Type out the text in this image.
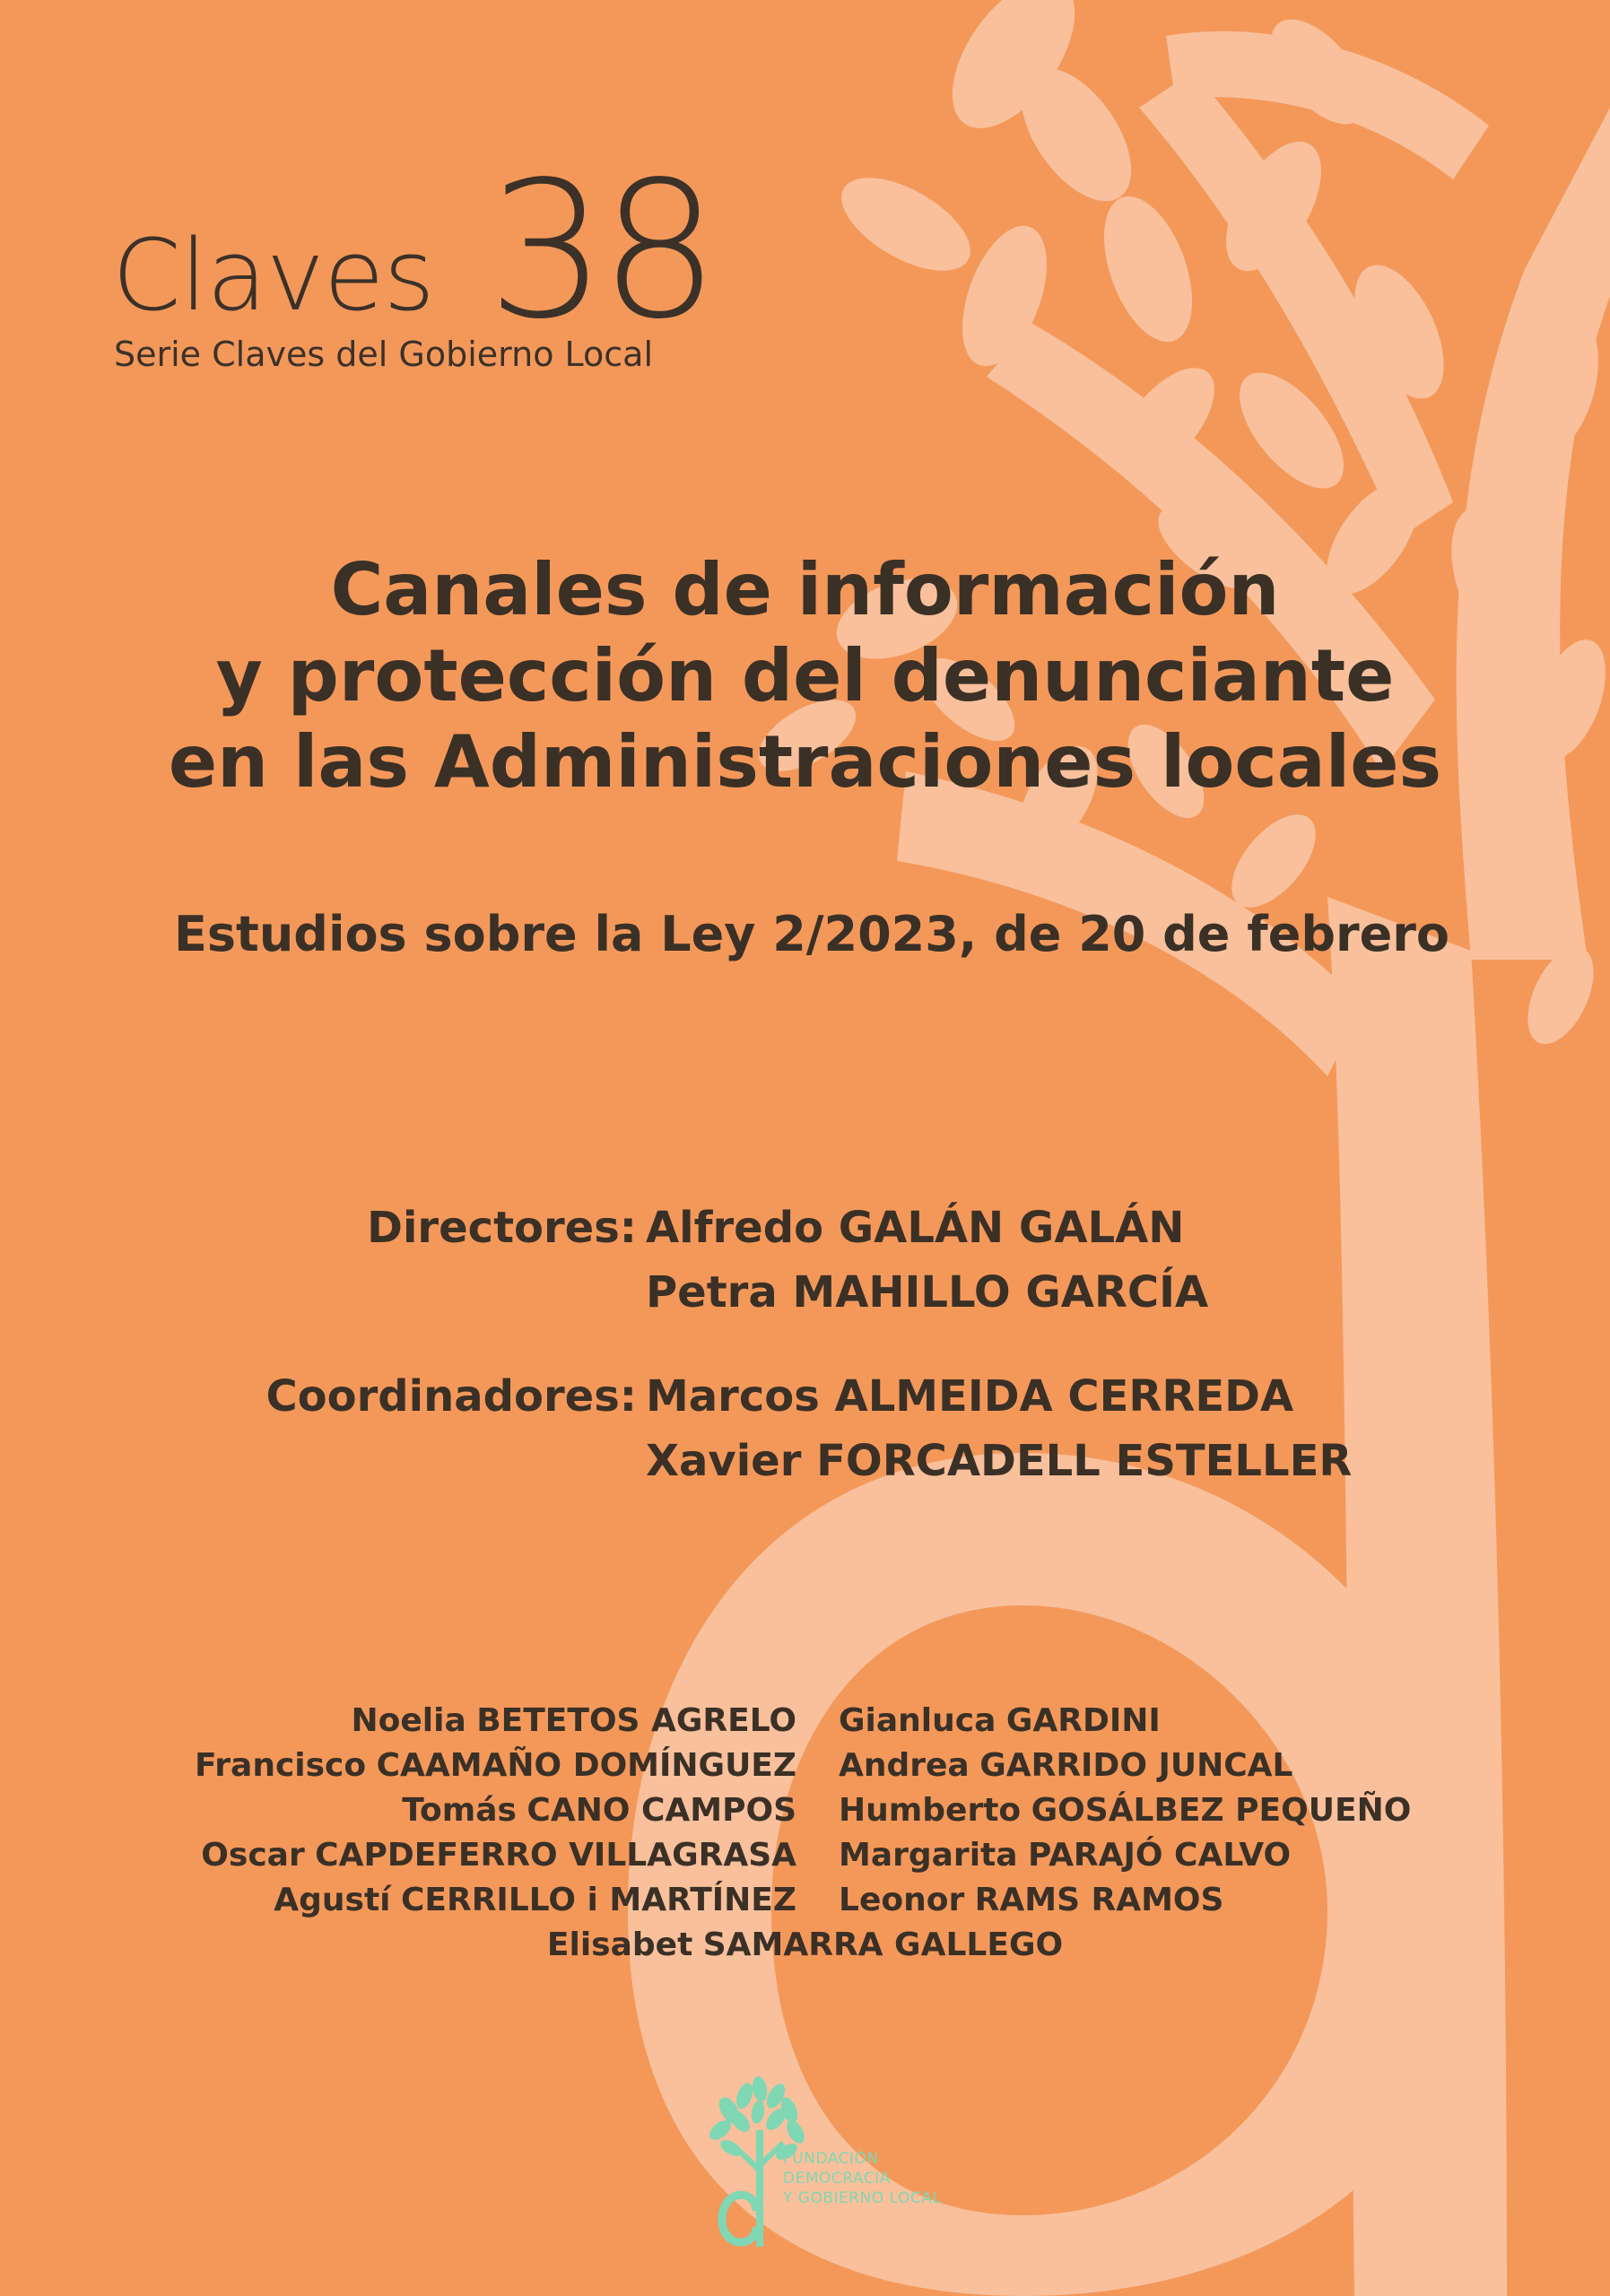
Claves 38
Serie Claves del Gobierno Local
Canales de información
y protección del denunciante
en las Administraciones locales
Estudios sobre la Ley 2/2023, de 20 de febrero
Directores: Alfredo GALÁN GALÁN
Petra MAHILLO GARCÍA
Coordinadores: Marcos ALMEIDA CERREDA
Xavier FORCADELL ESTELLER
Noelia BETETOS AGRELO Gianluca GARDINI
Francisco CAAMAÑO DOMÍNGUEZ Andrea GARRIDO JUNCAL
Tomás CANO CAMPOS Humberto GOSÁLBEZ PEQUEÑO
Oscar CAPDEFERRO VILLAGRASA Margarita PARAJÓ CALVO
Agustí CERRILLO i MARTÍNEZ Leonor RAMS RAMOS
Elisabet SAMARRA GALLEGO
FUNDACIÓN
DEMOCRACIA
Y GOBIERNO LOCAL
